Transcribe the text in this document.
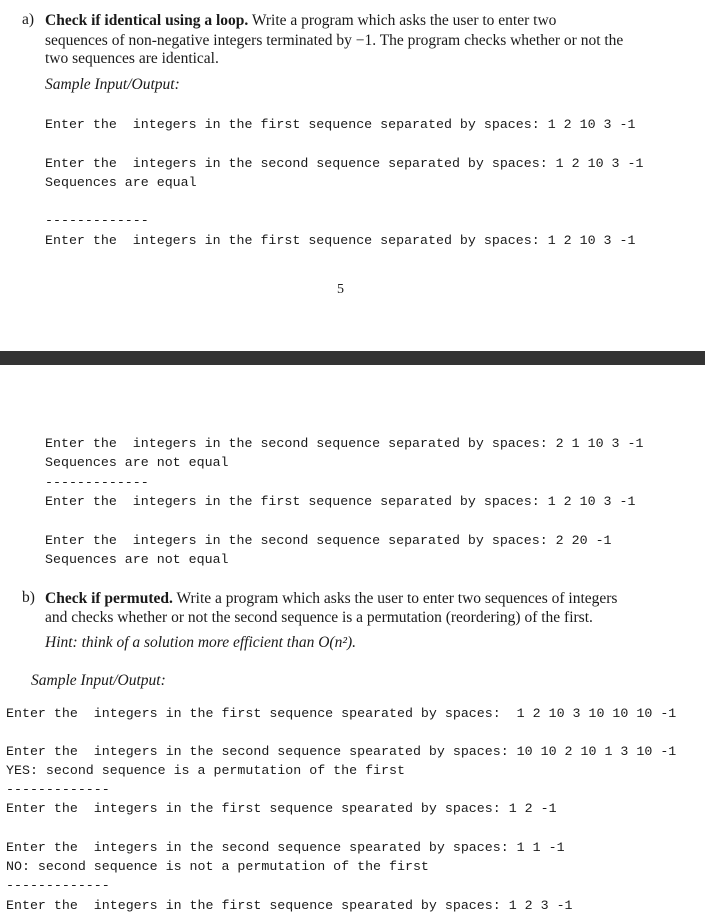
a) Check if identical using a loop. Write a program which asks the user to enter two
sequences of non-negative integers terminated by −1. The program checks whether or not the
two sequences are identical.
Sample Input/Output:
Enter the  integers in the first sequence separated by spaces: 1 2 10 3 -1
Enter the  integers in the second sequence separated by spaces: 1 2 10 3 -1
Sequences are equal
-------------
Enter the  integers in the first sequence separated by spaces: 1 2 10 3 -1
5
Enter the  integers in the second sequence separated by spaces: 2 1 10 3 -1
Sequences are not equal
-------------
Enter the  integers in the first sequence separated by spaces: 1 2 10 3 -1
Enter the  integers in the second sequence separated by spaces: 2 20 -1
Sequences are not equal
b) Check if permuted. Write a program which asks the user to enter two sequences of integers
and checks whether or not the second sequence is a permutation (reordering) of the first.
Hint: think of a solution more efficient than O(n²).
Sample Input/Output:
Enter the  integers in the first sequence spearated by spaces:  1 2 10 3 10 10 10 -1
Enter the  integers in the second sequence spearated by spaces: 10 10 2 10 1 3 10 -1
YES: second sequence is a permutation of the first
-------------
Enter the  integers in the first sequence spearated by spaces: 1 2 -1
Enter the  integers in the second sequence spearated by spaces: 1 1 -1
NO: second sequence is not a permutation of the first
-------------
Enter the  integers in the first sequence spearated by spaces: 1 2 3 -1
